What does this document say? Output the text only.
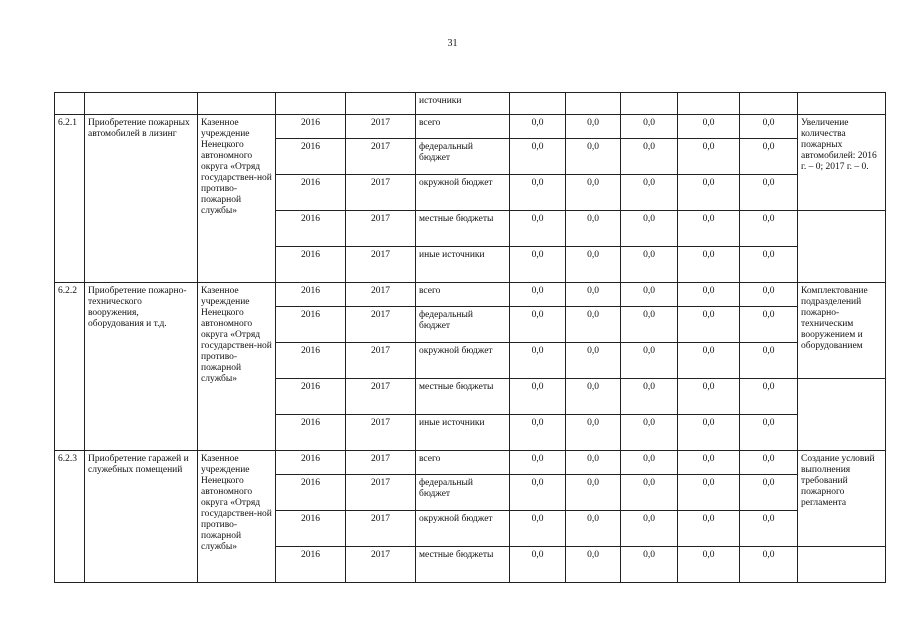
31
					источники						
6.2.1	Приобретение пожарных автомобилей в лизинг	Казенное учреждение Ненецкого автономного округа «Отряд государствен-ной противо-пожарной службы»	2016	2017	всего	0,0	0,0	0,0	0,0	0,0	Увеличение количества пожарных автомобилей: 2016 г. – 0; 2017 г. – 0.
			2016	2017	федеральный бюджет	0,0	0,0	0,0	0,0	0,0	
			2016	2017	окружной бюджет	0,0	0,0	0,0	0,0	0,0	
			2016	2017	местные бюджеты	0,0	0,0	0,0	0,0	0,0	
			2016	2017	иные источники	0,0	0,0	0,0	0,0	0,0	
6.2.2	Приобретение пожарно-технического вооружения, оборудования и т.д.	Казенное учреждение Ненецкого автономного округа «Отряд государствен-ной противо-пожарной службы»	2016	2017	всего	0,0	0,0	0,0	0,0	0,0	Комплектование подразделений пожарно-техническим вооружением и оборудованием
			2016	2017	федеральный бюджет	0,0	0,0	0,0	0,0	0,0	
			2016	2017	окружной бюджет	0,0	0,0	0,0	0,0	0,0	
			2016	2017	местные бюджеты	0,0	0,0	0,0	0,0	0,0	
			2016	2017	иные источники	0,0	0,0	0,0	0,0	0,0	
6.2.3	Приобретение гаражей и служебных помещений	Казенное учреждение Ненецкого автономного округа «Отряд государствен-ной противо-пожарной службы»	2016	2017	всего	0,0	0,0	0,0	0,0	0,0	Создание условий выполнения требований пожарного регламента
			2016	2017	федеральный бюджет	0,0	0,0	0,0	0,0	0,0	
			2016	2017	окружной бюджет	0,0	0,0	0,0	0,0	0,0	
			2016	2017	местные бюджеты	0,0	0,0	0,0	0,0	0,0	
